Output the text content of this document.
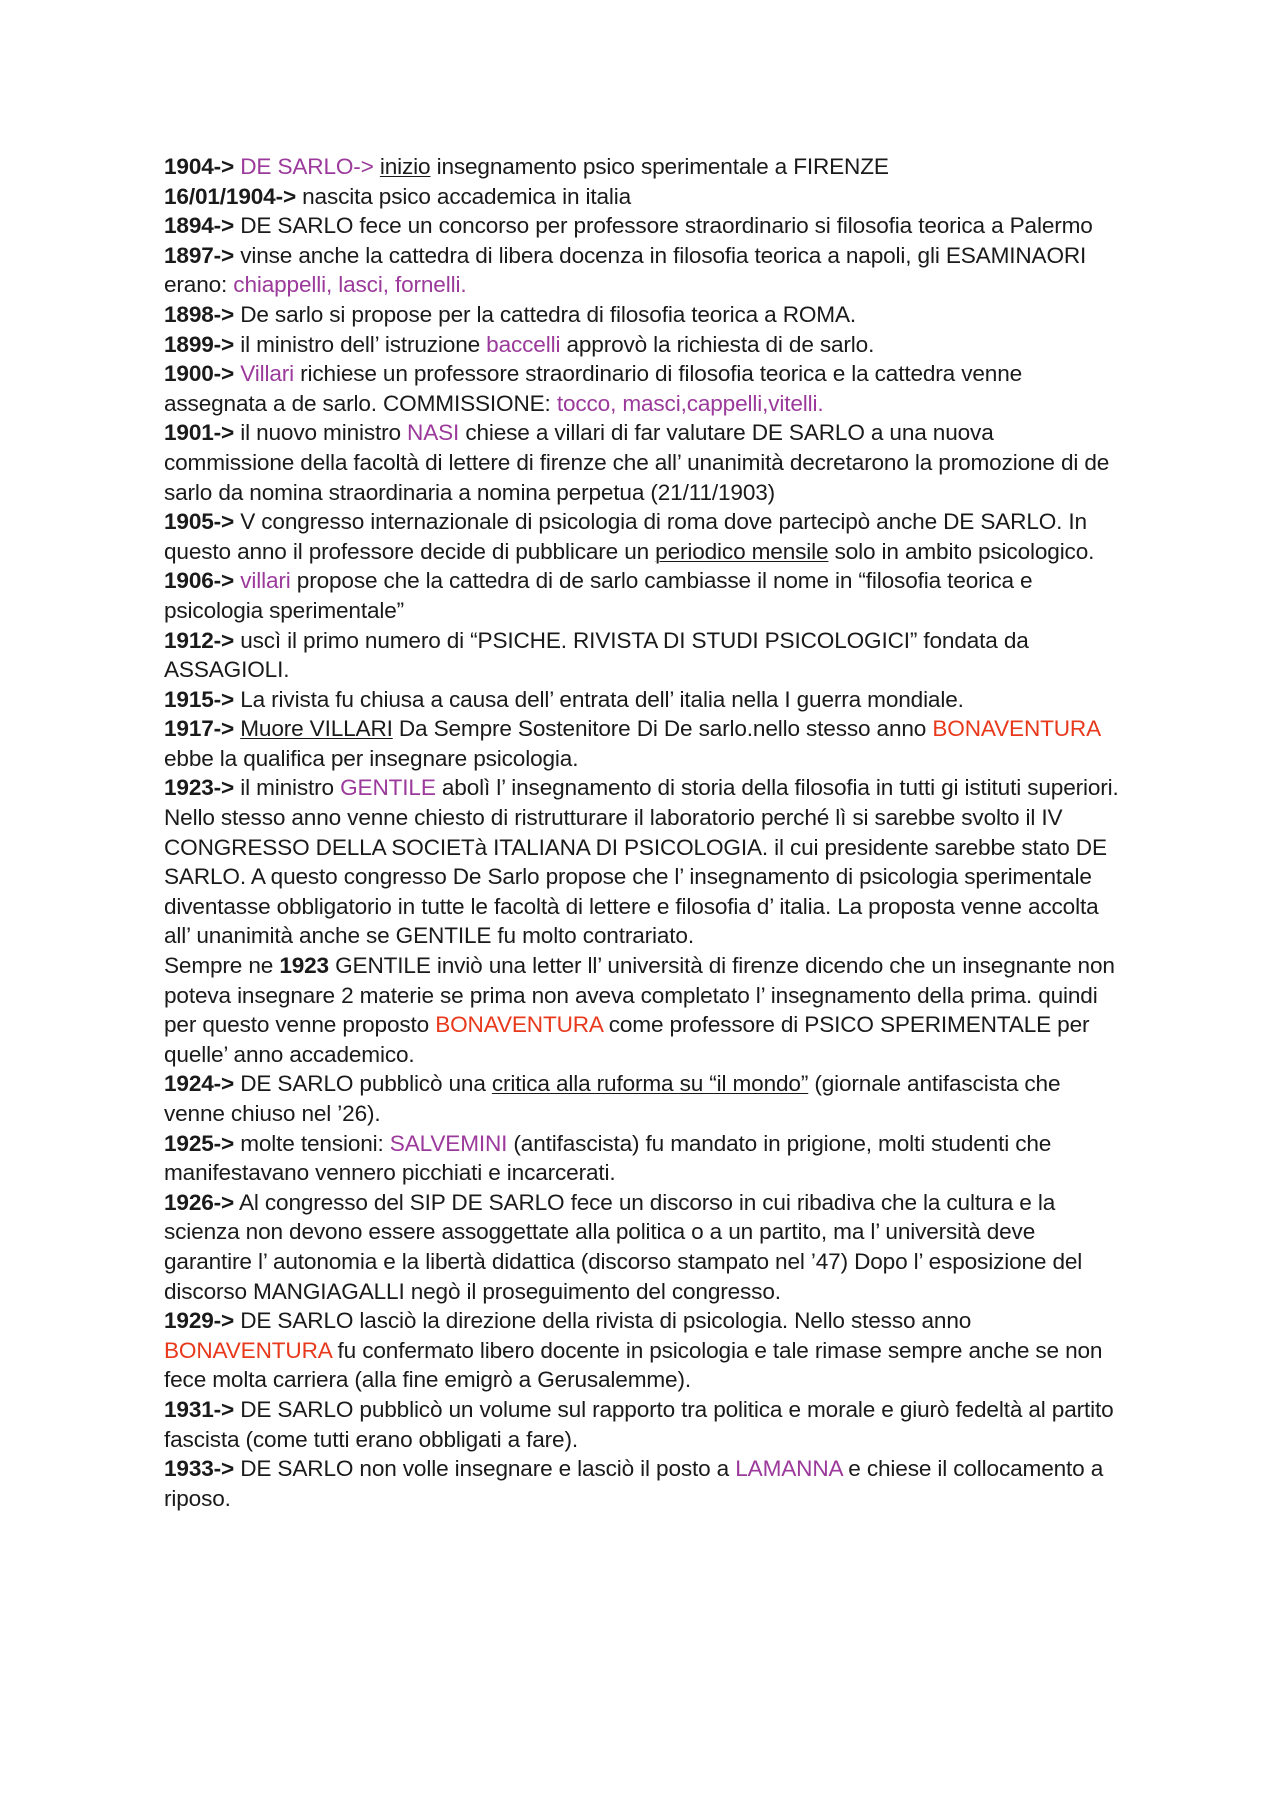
1904-> DE SARLO-> inizio insegnamento psico sperimentale a FIRENZE

16/01/1904-> nascita psico accademica in italia

1894-> DE SARLO fece un concorso per professore straordinario si filosofia teorica a Palermo

1897-> vinse anche la cattedra di libera docenza in filosofia teorica a napoli, gli ESAMINAORI erano: chiappelli, lasci, fornelli.

1898-> De sarlo si propose per la cattedra di filosofia teorica a ROMA.

1899-> il ministro dell’ istruzione baccelli approvò la richiesta di de sarlo.

1900-> Villari richiese un professore straordinario di filosofia teorica e la cattedra venne assegnata a de sarlo. COMMISSIONE: tocco, masci,cappelli,vitelli.

1901-> il nuovo ministro NASI chiese a villari di far valutare DE SARLO a una nuova commissione della facoltà di lettere di firenze che all’ unanimità decretarono la promozione di de sarlo da nomina straordinaria a nomina perpetua (21/11/1903)

1905-> V congresso internazionale di psicologia di roma dove partecipò anche DE SARLO. In questo anno il professore decide di pubblicare un periodico mensile solo in ambito psicologico.

1906-> villari propose che la cattedra di de sarlo cambiasse il nome in “filosofia teorica e psicologia sperimentale”

1912-> uscì il primo numero di “PSICHE. RIVISTA DI STUDI PSICOLOGICI” fondata da ASSAGIOLI.

1915-> La rivista fu chiusa a causa dell’ entrata dell’ italia nella I guerra mondiale.

1917-> Muore VILLARI Da Sempre Sostenitore Di De sarlo.nello stesso anno BONAVENTURA ebbe la qualifica per insegnare psicologia.

1923-> il ministro GENTILE abolì l’ insegnamento di storia della filosofia in tutti gi istituti superiori. Nello stesso anno venne chiesto di ristrutturare il laboratorio perché lì si sarebbe svolto il IV CONGRESSO DELLA SOCIETà ITALIANA DI PSICOLOGIA. il cui presidente sarebbe stato DE SARLO. A questo congresso De Sarlo propose che l’ insegnamento di psicologia sperimentale diventasse obbligatorio in tutte le facoltà di lettere e filosofia d’ italia. La proposta venne accolta all’ unanimità anche se GENTILE fu molto contrariato.

Sempre ne 1923 GENTILE inviò una letter ll’ università di firenze dicendo che un insegnante non poteva insegnare 2 materie se prima non aveva completato l’ insegnamento della prima. quindi per questo venne proposto BONAVENTURA come professore di PSICO SPERIMENTALE per quelle’ anno accademico.

1924-> DE SARLO pubblicò una critica alla ruforma su “il mondo” (giornale antifascista che venne chiuso nel ’26).

1925-> molte tensioni: SALVEMINI (antifascista) fu mandato in prigione, molti studenti che manifestavano vennero picchiati e incarcerati.

1926-> Al congresso del SIP DE SARLO fece un discorso in cui ribadiva che la cultura e la scienza non devono essere assoggettate alla politica o a un partito, ma l’ università deve garantire l’ autonomia e la libertà didattica (discorso stampato nel ’47) Dopo l’ esposizione del discorso MANGIAGALLI negò il proseguimento del congresso.

1929-> DE SARLO lasciò la direzione della rivista di psicologia. Nello stesso anno BONAVENTURA fu confermato libero docente in psicologia e tale rimase sempre anche se non fece molta carriera (alla fine emigrò a Gerusalemme).

1931-> DE SARLO pubblicò un volume sul rapporto tra politica e morale e giurò fedeltà al partito fascista (come tutti erano obbligati a fare).

1933-> DE SARLO non volle insegnare e lasciò il posto a LAMANNA e chiese il collocamento a riposo.
